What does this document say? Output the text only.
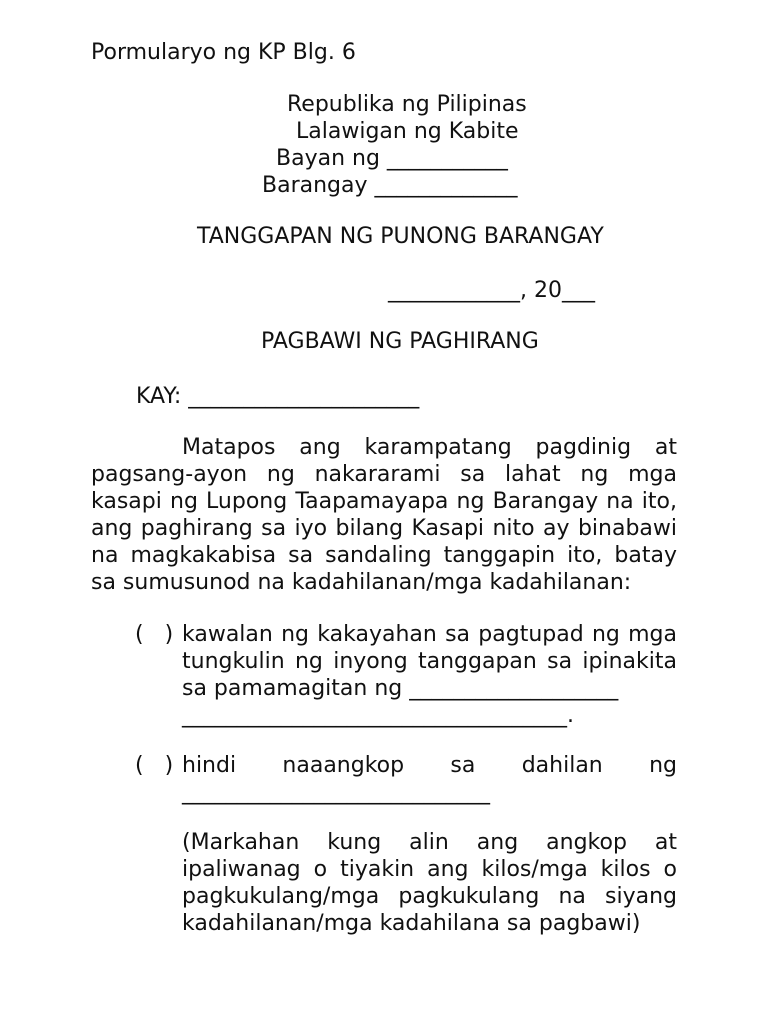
Pormularyo ng KP Blg. 6
Republika ng Pilipinas
Lalawigan ng Kabite
Bayan ng ___________
Barangay _____________
TANGGAPAN NG PUNONG BARANGAY
____________, 20___
PAGBAWI NG PAGHIRANG
KAY: _____________________
Matapos ang karampatang pagdinig at
pagsang-ayon ng nakararami sa lahat ng mga kasapi ng Lupong Taapamayapa ng Barangay na ito, ang paghirang sa iyo bilang Kasapi nito ay binabawi na magkakabisa sa sandaling tanggapin ito, batay sa sumusunod na kadahilanan/mga kadahilanan:
(   ) kawalan ng kakayahan sa pagtupad ng mga tungkulin ng inyong tanggapan sa ipinakita sa pamamagitan ng ___________________
___________________________________.
(   ) hindi naaangkop sa dahilan ng
____________________________
(Markahan kung alin ang angkop at ipaliwanag o tiyakin ang kilos/mga kilos o pagkukulang/mga pagkukulang na siyang kadahilanan/mga kadahilana sa pagbawi)
